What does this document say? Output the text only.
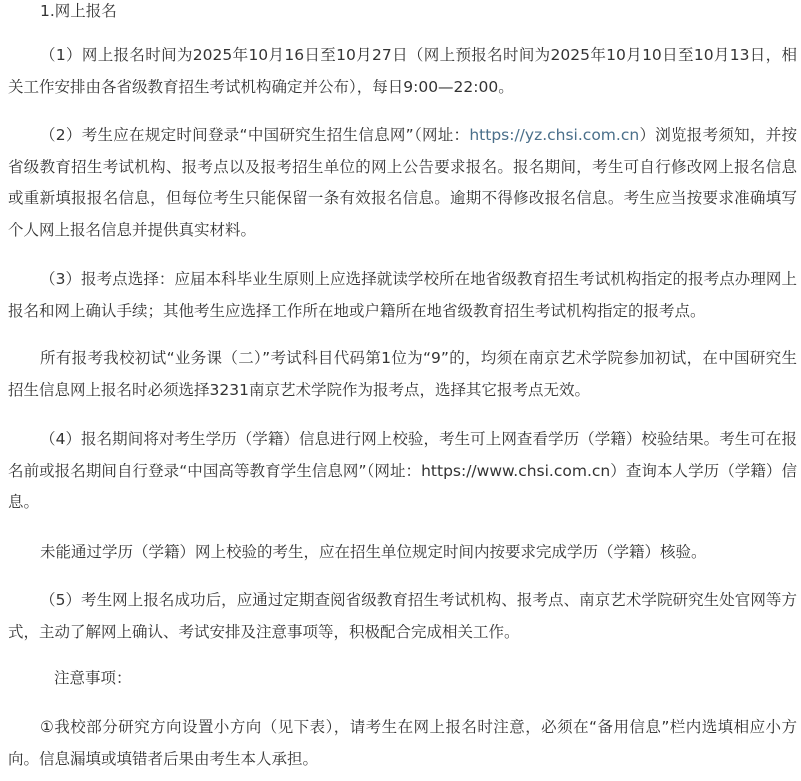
1.网上报名

（1）网上报名时间为2025年10月16日至10月27日（网上预报名时间为2025年10月10日至10月13日，相关工作安排由各省级教育招生考试机构确定并公布），每日9:00—22:00。

（2）考生应在规定时间登录“中国研究生招生信息网”（网址：https://yz.chsi.com.cn）浏览报考须知，并按省级教育招生考试机构、报考点以及报考招生单位的网上公告要求报名。报名期间，考生可自行修改网上报名信息或重新填报报名信息，但每位考生只能保留一条有效报名信息。逾期不得修改报名信息。考生应当按要求准确填写个人网上报名信息并提供真实材料。

（3）报考点选择：应届本科毕业生原则上应选择就读学校所在地省级教育招生考试机构指定的报考点办理网上报名和网上确认手续；其他考生应选择工作所在地或户籍所在地省级教育招生考试机构指定的报考点。

所有报考我校初试“业务课（二）”考试科目代码第1位为“9”的，均须在南京艺术学院参加初试，在中国研究生招生信息网上报名时必须选择3231南京艺术学院作为报考点，选择其它报考点无效。

（4）报名期间将对考生学历（学籍）信息进行网上校验，考生可上网查看学历（学籍）校验结果。考生可在报名前或报名期间自行登录“中国高等教育学生信息网”（网址：https://www.chsi.com.cn）查询本人学历（学籍）信息。

未能通过学历（学籍）网上校验的考生，应在招生单位规定时间内按要求完成学历（学籍）核验。

（5）考生网上报名成功后，应通过定期查阅省级教育招生考试机构、报考点、南京艺术学院研究生处官网等方式，主动了解网上确认、考试安排及注意事项等，积极配合完成相关工作。

注意事项：

①我校部分研究方向设置小方向（见下表），请考生在网上报名时注意，必须在“备用信息”栏内选填相应小方向。信息漏填或填错者后果由考生本人承担。
